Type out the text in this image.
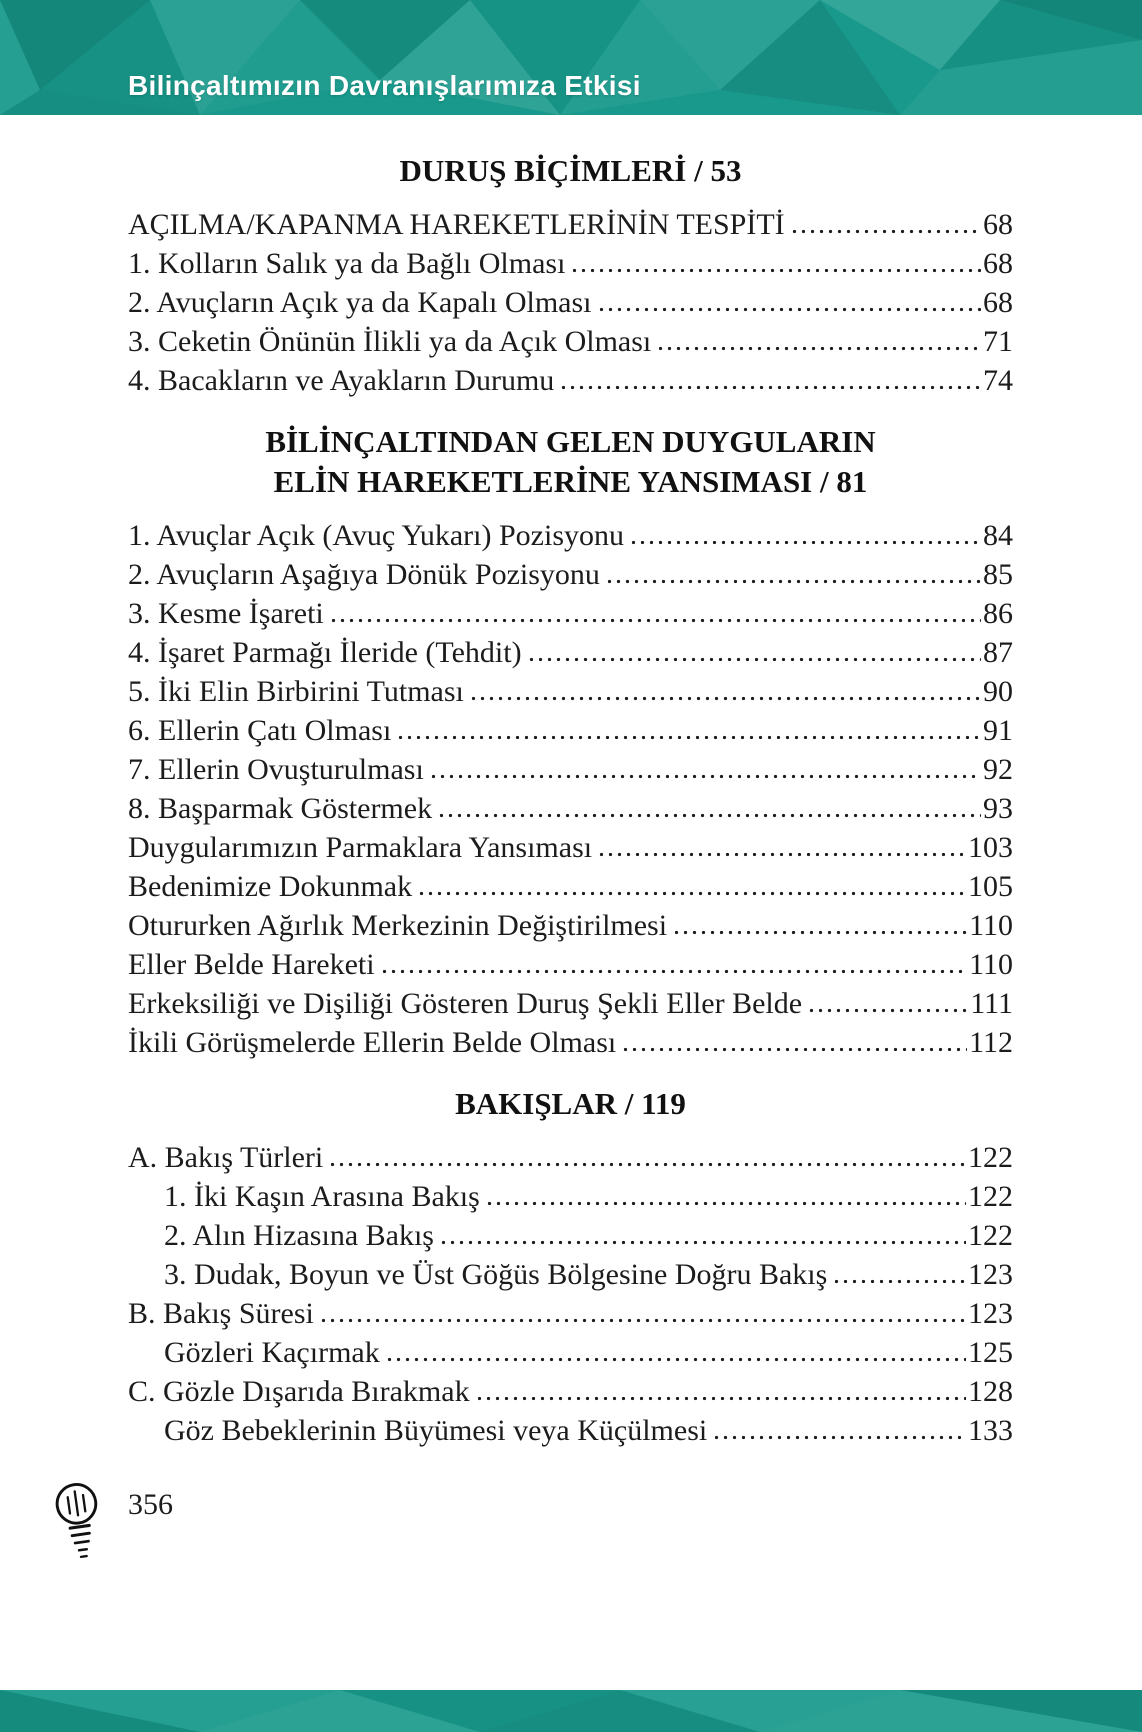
Bilinçaltımızın Davranışlarımıza Etkisi
DURUŞ BİÇİMLERİ / 53
AÇILMA/KAPANMA HAREKETLERİNİN TESPİTİ	68
1. Kolların Salık ya da Bağlı Olması	68
2. Avuçların Açık ya da Kapalı Olması	68
3. Ceketin Önünün İlikli ya da Açık Olması	71
4. Bacakların ve Ayakların Durumu	74
BİLİNÇALTINDAN GELEN DUYGULARIN ELİN HAREKETLERİNE YANSIMASI / 81
1. Avuçlar Açık (Avuç Yukarı) Pozisyonu	84
2. Avuçların Aşağıya Dönük Pozisyonu	85
3. Kesme İşareti	86
4. İşaret Parmağı İleride (Tehdit)	87
5. İki Elin Birbirini Tutması	90
6. Ellerin Çatı Olması	91
7. Ellerin Ovuşturulması	92
8. Başparmak Göstermek	93
Duygularımızın Parmaklara Yansıması	103
Bedenimize Dokunmak	105
Otururken Ağırlık Merkezinin Değiştirilmesi	110
Eller Belde Hareketi	110
Erkeksiliği ve Dişiliği Gösteren Duruş Şekli Eller Belde	111
İkili Görüşmelerde Ellerin Belde Olması	112
BAKIŞLAR / 119
A. Bakış Türleri	122
1. İki Kaşın Arasına Bakış	122
2. Alın Hizasına Bakış	122
3. Dudak, Boyun ve Üst Göğüs Bölgesine Doğru Bakış	123
B. Bakış Süresi	123
Gözleri Kaçırmak	125
C. Gözle Dışarıda Bırakmak	128
Göz Bebeklerinin Büyümesi veya Küçülmesi	133
356
